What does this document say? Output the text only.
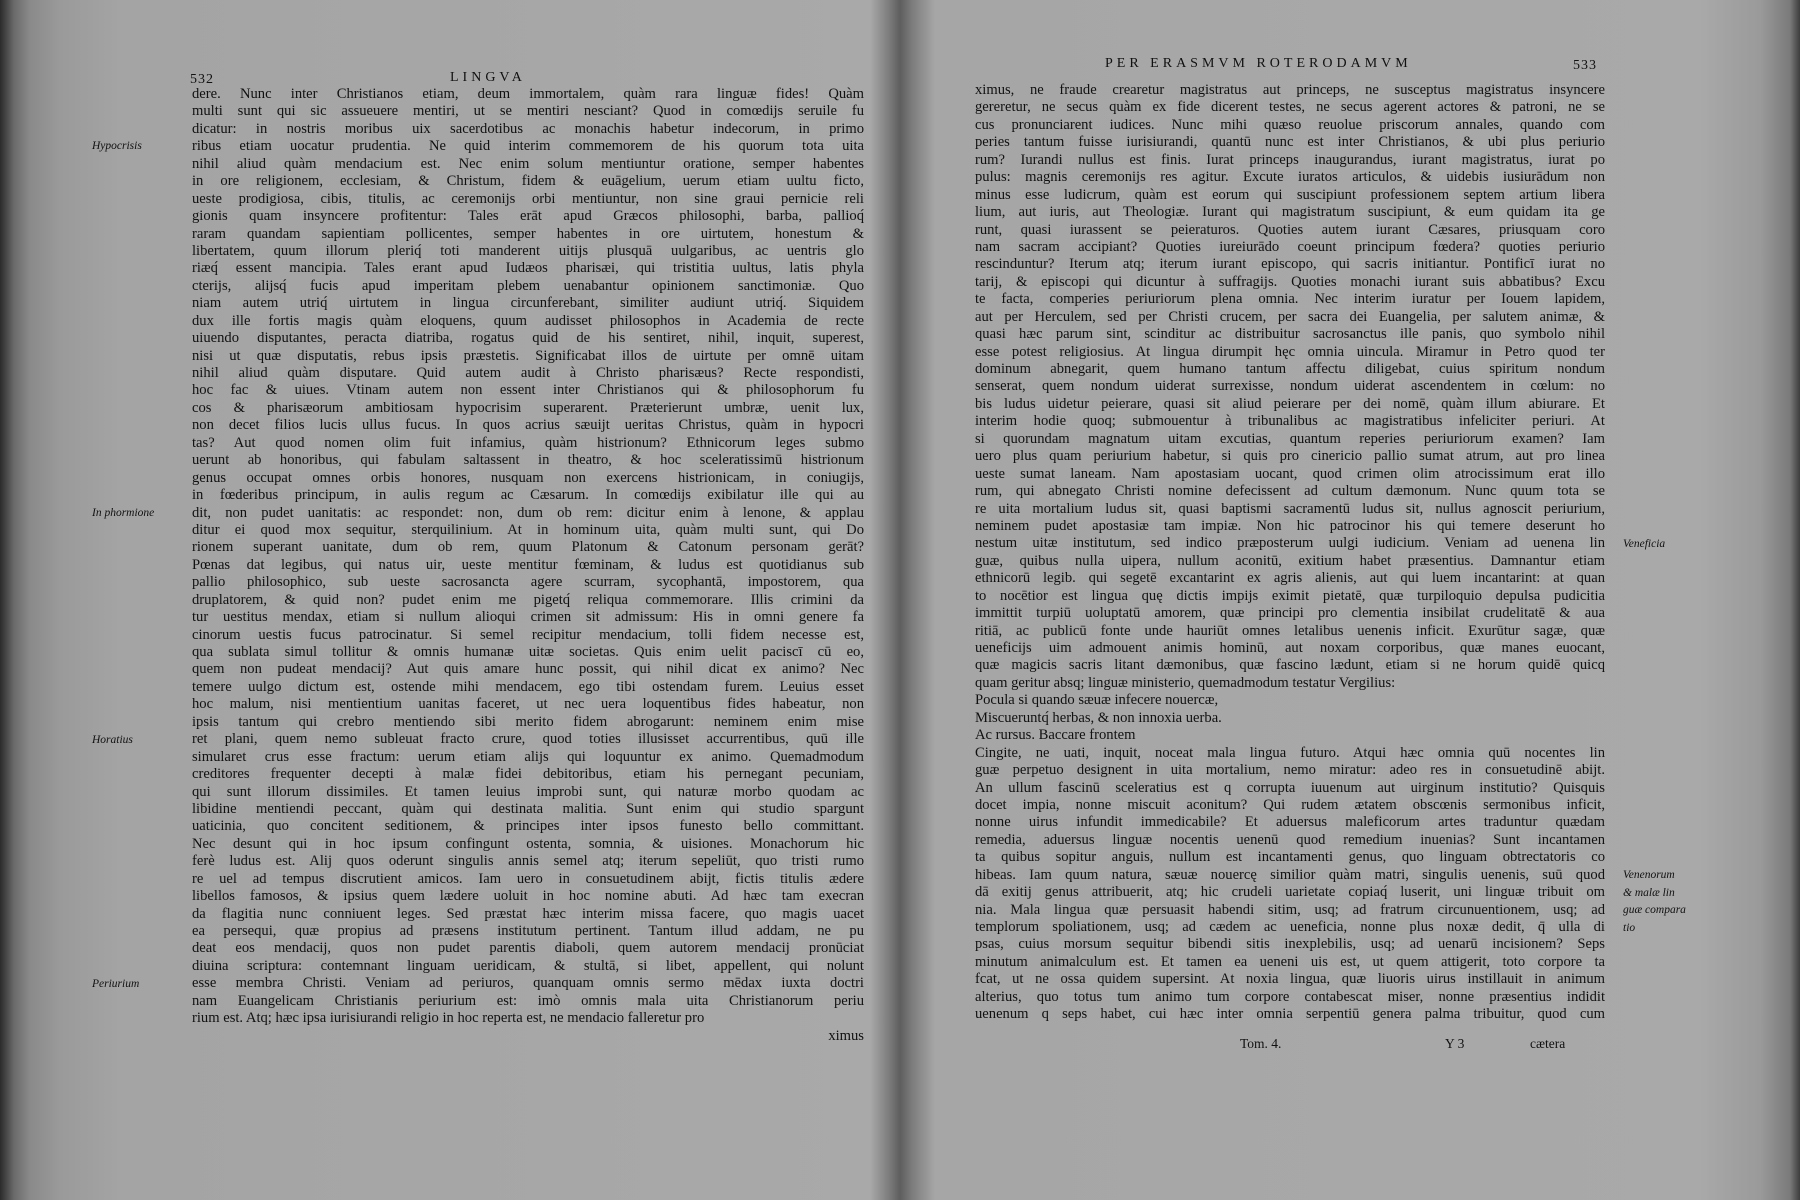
532	LINGVA
dere. Nunc inter Christianos etiam, deum immortalem, quàm rara linguæ fides! Quàm
multi sunt qui sic assueuere mentiri, ut se mentiri nesciant? Quod in comœdijs seruile fu
dicatur: in nostris moribus uix sacerdotibus ac monachis habetur indecorum, in primo
ribus etiam uocatur prudentia. Ne quid interim commemorem de his quorum tota uita
nihil aliud quàm mendacium est. Nec enim solum mentiuntur oratione, semper habentes
in ore religionem, ecclesiam, & Christum, fidem & euāgelium, uerum etiam uultu ficto,
ueste prodigiosa, cibis, titulis, ac ceremonijs orbi mentiuntur, non sine graui pernicie reli
gionis quam insyncere profitentur: Tales erāt apud Græcos philosophi, barba, pallioq́
raram quandam sapientiam pollicentes, semper habentes in ore uirtutem, honestum &
libertatem, quum illorum pleriq́ toti manderent uitijs plusquā uulgaribus, ac uentris glo
riæq́ essent mancipia. Tales erant apud Iudæos pharisæi, qui tristitia uultus, latis phyla
cterijs, alijsq́ fucis apud imperitam plebem uenabantur opinionem sanctimoniæ. Quo
niam autem utriq́ uirtutem in lingua circunferebant, similiter audiunt utriq́. Siquidem
dux ille fortis magis quàm eloquens, quum audisset philosophos in Academia de recte
uiuendo disputantes, peracta diatriba, rogatus quid de his sentiret, nihil, inquit, superest,
nisi ut quæ disputatis, rebus ipsis præstetis. Significabat illos de uirtute per omnē uitam
nihil aliud quàm disputare. Quid autem audit à Christo pharisæus? Recte respondisti,
hoc fac & uiues. Vtinam autem non essent inter Christianos qui & philosophorum fu
cos & pharisæorum ambitiosam hypocrisim superarent. Præterierunt umbræ, uenit lux,
non decet filios lucis ullus fucus. In quos acrius sæuijt ueritas Christus, quàm in hypocri
tas? Aut quod nomen olim fuit infamius, quàm histrionum? Ethnicorum leges submo
uerunt ab honoribus, qui fabulam saltassent in theatro, & hoc sceleratissimū histrionum
genus occupat omnes orbis honores, nusquam non exercens histrionicam, in coniugijs,
in fœderibus principum, in aulis regum ac Cæsarum. In comœdijs exibilatur ille qui au
dit, non pudet uanitatis: ac respondet: non, dum ob rem: dicitur enim à lenone, & applau
ditur ei quod mox sequitur, sterquilinium. At in hominum uita, quàm multi sunt, qui Do
rionem superant uanitate, dum ob rem, quum Platonum & Catonum personam gerāt?
Pœnas dat legibus, qui natus uir, ueste mentitur fœminam, & ludus est quotidianus sub
pallio philosophico, sub ueste sacrosancta agere scurram, sycophantā, impostorem, qua
druplatorem, & quid non? pudet enim me pigetq́ reliqua commemorare. Illis crimini da
tur uestitus mendax, etiam si nullum alioqui crimen sit admissum: His in omni genere fa
cinorum uestis fucus patrocinatur. Si semel recipitur mendacium, tolli fidem necesse est,
qua sublata simul tollitur & omnis humanæ uitæ societas. Quis enim uelit paciscī cū eo,
quem non pudeat mendacij? Aut quis amare hunc possit, qui nihil dicat ex animo? Nec
temere uulgo dictum est, ostende mihi mendacem, ego tibi ostendam furem. Leuius esset
hoc malum, nisi mentientium uanitas faceret, ut nec uera loquentibus fides habeatur, non
ipsis tantum qui crebro mentiendo sibi merito fidem abrogarunt: neminem enim mise
ret plani, quem nemo subleuat fracto crure, quod toties illusisset accurrentibus, quū ille
simularet crus esse fractum: uerum etiam alijs qui loquuntur ex animo. Quemadmodum
creditores frequenter decepti à malæ fidei debitoribus, etiam his pernegant pecuniam,
qui sunt illorum dissimiles. Et tamen leuius improbi sunt, qui naturæ morbo quodam ac
libidine mentiendi peccant, quàm qui destinata malitia. Sunt enim qui studio spargunt
uaticinia, quo concitent seditionem, & principes inter ipsos funesto bello committant.
Nec desunt qui in hoc ipsum confingunt ostenta, somnia, & uisiones. Monachorum hic
ferè ludus est. Alij quos oderunt singulis annis semel atq; iterum sepeliūt, quo tristi rumo
re uel ad tempus discrutient amicos. Iam uero in consuetudinem abijt, fictis titulis ædere
libellos famosos, & ipsius quem lædere uoluit in hoc nomine abuti. Ad hæc tam execran
da flagitia nunc conniuent leges. Sed præstat hæc interim missa facere, quo magis uacet
ea persequi, quæ propius ad præsens institutum pertinent. Tantum illud addam, ne pu
deat eos mendacij, quos non pudet parentis diaboli, quem autorem mendacij pronūciat
diuina scriptura: contemnant linguam ueridicam, & stultā, si libet, appellent, qui nolunt
esse membra Christi. Veniam ad periuros, quanquam omnis sermo mēdax iuxta doctri
nam Euangelicam Christianis periurium est: imò omnis mala uita Christianorum periu
rium est. Atq; hæc ipsa iurisiurandi religio in hoc reperta est, ne mendacio falleretur pro
ximus
Hypocrisis
In phormione
Horatius
Periurium
PER ERASMVM ROTERODAMVM	533
ximus, ne fraude crearetur magistratus aut princeps, ne susceptus magistratus insyncere
gereretur, ne secus quàm ex fide dicerent testes, ne secus agerent actores & patroni, ne se
cus pronunciarent iudices. Nunc mihi quæso reuolue priscorum annales, quando com
peries tantum fuisse iurisiurandi, quantū nunc est inter Christianos, & ubi plus periurio
rum? Iurandi nullus est finis. Iurat princeps inaugurandus, iurant magistratus, iurat po
pulus: magnis ceremonijs res agitur. Excute iuratos articulos, & uidebis iusiurādum non
minus esse ludicrum, quàm est eorum qui suscipiunt professionem septem artium libera
lium, aut iuris, aut Theologiæ. Iurant qui magistratum suscipiunt, & eum quidam ita ge
runt, quasi iurassent se peieraturos. Quoties autem iurant Cæsares, priusquam coro
nam sacram accipiant? Quoties iureiurādo coeunt principum fœdera? quoties periurio
rescinduntur? Iterum atq; iterum iurant episcopo, qui sacris initiantur. Pontificī iurat no
tarij, & episcopi qui dicuntur à suffragijs. Quoties monachi iurant suis abbatibus? Excu
te facta, comperies periuriorum plena omnia. Nec interim iuratur per Iouem lapidem,
aut per Herculem, sed per Christi crucem, per sacra dei Euangelia, per salutem animæ, &
quasi hæc parum sint, scinditur ac distribuitur sacrosanctus ille panis, quo symbolo nihil
esse potest religiosius. At lingua dirumpit hęc omnia uincula. Miramur in Petro quod ter
dominum abnegarit, quem humano tantum affectu diligebat, cuius spiritum nondum
senserat, quem nondum uiderat surrexisse, nondum uiderat ascendentem in cœlum: no
bis ludus uidetur peierare, quasi sit aliud peierare per dei nomē, quàm illum abiurare. Et
interim hodie quoq; submouentur à tribunalibus ac magistratibus infeliciter periuri. At
si quorundam magnatum uitam excutias, quantum reperies periuriorum examen? Iam
uero plus quam periurium habetur, si quis pro cinericio pallio sumat atrum, aut pro linea
ueste sumat laneam. Nam apostasiam uocant, quod crimen olim atrocissimum erat illo
rum, qui abnegato Christi nomine defecissent ad cultum dæmonum. Nunc quum tota se
re uita mortalium ludus sit, quasi baptismi sacramentū ludus sit, nullus agnoscit periurium,
neminem pudet apostasiæ tam impiæ. Non hic patrocinor his qui temere deserunt ho
nestum uitæ institutum, sed indico præposterum uulgi iudicium. Veniam ad uenena lin
guæ, quibus nulla uipera, nullum aconitū, exitium habet præsentius. Damnantur etiam
ethnicorū legib. qui segetē excantarint ex agris alienis, aut qui luem incantarint: at quan
to nocētior est lingua quę dictis impijs eximit pietatē, quæ turpiloquio depulsa pudicitia
immittit turpiū uoluptatū amorem, quæ principi pro clementia insibilat crudelitatē & aua
ritiā, ac publicū fonte unde hauriūt omnes letalibus uenenis inficit. Exurūtur sagæ, quæ
ueneficijs uim admouent animis hominū, aut noxam corporibus, quæ manes euocant,
quæ magicis sacris litant dæmonibus, quæ fascino lædunt, etiam si ne horum quidē quicq
quam geritur absq; linguæ ministerio, quemadmodum testatur Vergilius:
Pocula si quando sæuæ infecere nouercæ,
Miscueruntq́ herbas, & non innoxia uerba.
Ac rursus. Baccare frontem
Cingite, ne uati, inquit, noceat mala lingua futuro. Atqui hæc omnia quū nocentes lin
guæ perpetuo designent in uita mortalium, nemo miratur: adeo res in consuetudinē abijt.
An ullum fascinū sceleratius est q corrupta iuuenum aut uirginum institutio? Quisquis
docet impia, nonne miscuit aconitum? Qui rudem ætatem obscœnis sermonibus inficit,
nonne uirus infundit immedicabile? Et aduersus maleficorum artes traduntur quædam
remedia, aduersus linguæ nocentis uenenū quod remedium inuenias? Sunt incantamen
ta quibus sopitur anguis, nullum est incantamenti genus, quo linguam obtrectatoris co
hibeas. Iam quum natura, sæuæ nouercę similior quàm matri, singulis uenenis, suū quod
dā exitij genus attribuerit, atq; hic crudeli uarietate copiaq́ luserit, uni linguæ tribuit om
nia. Mala lingua quæ persuasit habendi sitim, usq; ad fratrum circunuentionem, usq; ad
templorum spoliationem, usq; ad cædem ac ueneficia, nonne plus noxæ dedit, q̄ ulla di
psas, cuius morsum sequitur bibendi sitis inexplebilis, usq; ad uenarū incisionem? Seps
minutum animalculum est. Et tamen ea ueneni uis est, ut quem attigerit, toto corpore ta
fcat, ut ne ossa quidem supersint. At noxia lingua, quæ liuoris uirus instillauit in animum
alterius, quo totus tum animo tum corpore contabescat miser, nonne præsentius indidit
uenenum q seps habet, cui hæc inter omnia serpentiū genera palma tribuitur, quod cum
Veneficia
Venenorum
& malæ lin
guæ compara
tio
Tom. 4.	Y 3	cætera
